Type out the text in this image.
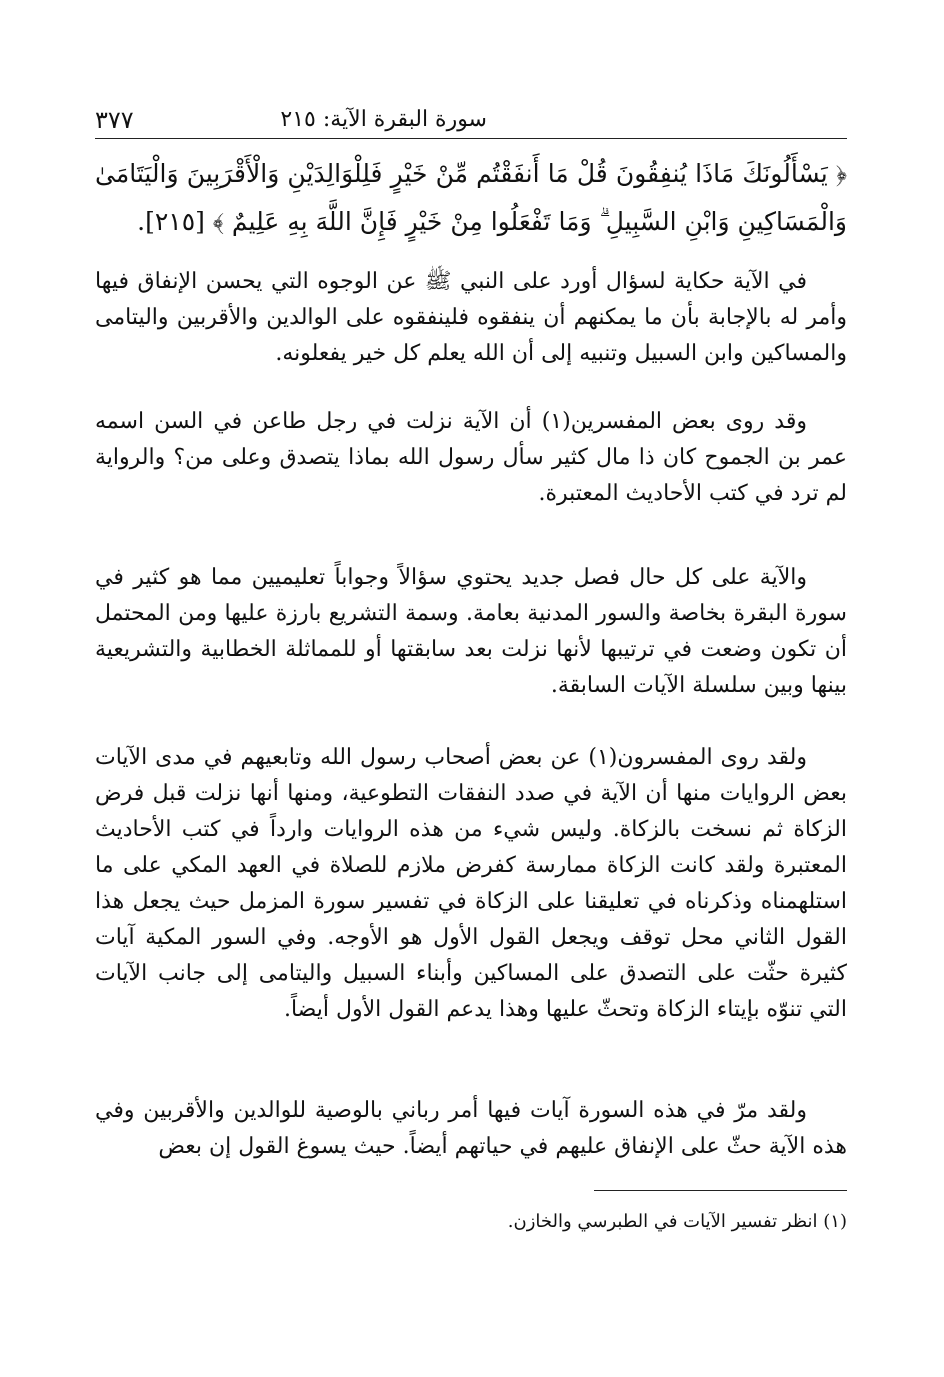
سورة البقرة الآية: ٢١٥
٣٧٧
﴿ يَسْأَلُونَكَ مَاذَا يُنفِقُونَ قُلْ مَا أَنفَقْتُم مِّنْ خَيْرٍ فَلِلْوَالِدَيْنِ وَالْأَقْرَبِينَ وَالْيَتَامَىٰ وَالْمَسَاكِينِ وَابْنِ السَّبِيلِ ۗ وَمَا تَفْعَلُوا مِنْ خَيْرٍ فَإِنَّ اللَّهَ بِهِ عَلِيمٌ ﴾ [٢١٥].
في الآية حكاية لسؤال أورد على النبي ﷺ عن الوجوه التي يحسن الإنفاق فيها وأمر له بالإجابة بأن ما يمكنهم أن ينفقوه فلينفقوه على الوالدين والأقربين واليتامى والمساكين وابن السبيل وتنبيه إلى أن الله يعلم كل خير يفعلونه.
وقد روى بعض المفسرين(١) أن الآية نزلت في رجل طاعن في السن اسمه عمر بن الجموح كان ذا مال كثير سأل رسول الله بماذا يتصدق وعلى من؟ والرواية لم ترد في كتب الأحاديث المعتبرة.
والآية على كل حال فصل جديد يحتوي سؤالاً وجواباً تعليميين مما هو كثير في سورة البقرة بخاصة والسور المدنية بعامة. وسمة التشريع بارزة عليها ومن المحتمل أن تكون وضعت في ترتيبها لأنها نزلت بعد سابقتها أو للمماثلة الخطابية والتشريعية بينها وبين سلسلة الآيات السابقة.
ولقد روى المفسرون(١) عن بعض أصحاب رسول الله وتابعيهم في مدى الآيات بعض الروايات منها أن الآية في صدد النفقات التطوعية، ومنها أنها نزلت قبل فرض الزكاة ثم نسخت بالزكاة. وليس شيء من هذه الروايات وارداً في كتب الأحاديث المعتبرة ولقد كانت الزكاة ممارسة كفرض ملازم للصلاة في العهد المكي على ما استلهمناه وذكرناه في تعليقنا على الزكاة في تفسير سورة المزمل حيث يجعل هذا القول الثاني محل توقف ويجعل القول الأول هو الأوجه. وفي السور المكية آيات كثيرة حثّت على التصدق على المساكين وأبناء السبيل واليتامى إلى جانب الآيات التي تنوّه بإيتاء الزكاة وتحثّ عليها وهذا يدعم القول الأول أيضاً.
ولقد مرّ في هذه السورة آيات فيها أمر رباني بالوصية للوالدين والأقربين وفي هذه الآية حثّ على الإنفاق عليهم في حياتهم أيضاً. حيث يسوغ القول إن بعض
(١) انظر تفسير الآيات في الطبرسي والخازن.
